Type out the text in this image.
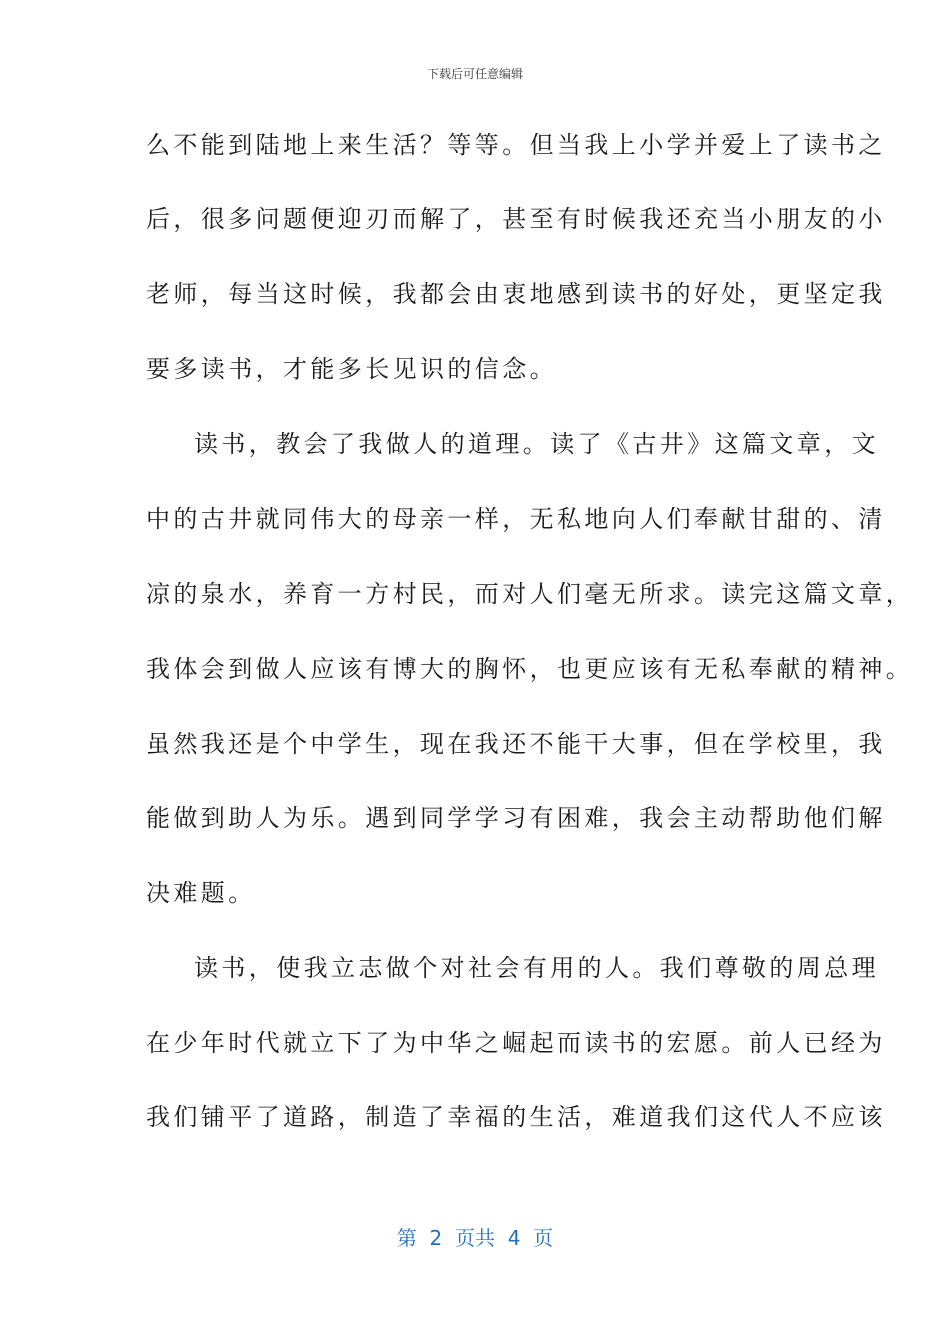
下载后可任意编辑
么不能到陆地上来生活？等等。但当我上小学并爱上了读书之
后，很多问题便迎刃而解了，甚至有时候我还充当小朋友的小
老师，每当这时候，我都会由衷地感到读书的好处，更坚定我
要多读书，才能多长见识的信念。
读书，教会了我做人的道理。读了《古井》这篇文章，文
中的古井就同伟大的母亲一样，无私地向人们奉献甘甜的、清
凉的泉水，养育一方村民，而对人们毫无所求。读完这篇文章，
我体会到做人应该有博大的胸怀，也更应该有无私奉献的精神。
虽然我还是个中学生，现在我还不能干大事，但在学校里，我
能做到助人为乐。遇到同学学习有困难，我会主动帮助他们解
决难题。
读书，使我立志做个对社会有用的人。我们尊敬的周总理
在少年时代就立下了为中华之崛起而读书的宏愿。前人已经为
我们铺平了道路，制造了幸福的生活，难道我们这代人不应该
第  2  页共  4  页
